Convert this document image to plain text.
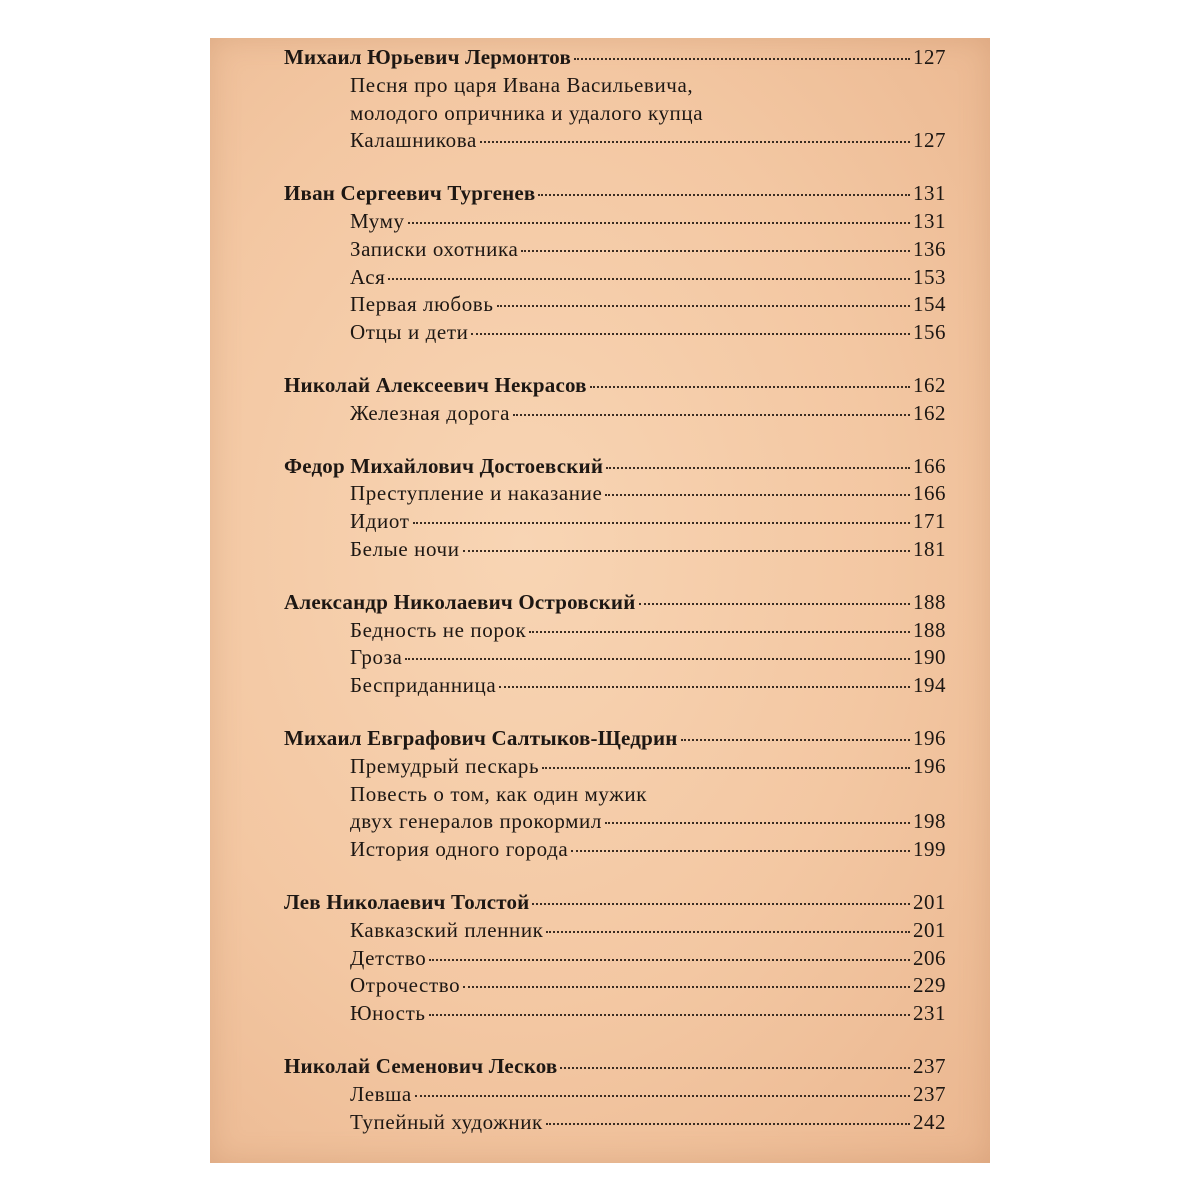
Михаил Юрьевич Лермонтов	127
Песня про царя Ивана Васильевича,
молодого опричника и удалого купца
Калашникова	127
Иван Сергеевич Тургенев	131
Муму	131
Записки охотника	136
Ася	153
Первая любовь	154
Отцы и дети	156
Николай Алексеевич Некрасов	162
Железная дорога	162
Федор Михайлович Достоевский	166
Преступление и наказание	166
Идиот	171
Белые ночи	181
Александр Николаевич Островский	188
Бедность не порок	188
Гроза	190
Бесприданница	194
Михаил Евграфович Салтыков-Щедрин	196
Премудрый пескарь	196
Повесть о том, как один мужик
двух генералов прокормил	198
История одного города	199
Лев Николаевич Толстой	201
Кавказский пленник	201
Детство	206
Отрочество	229
Юность	231
Николай Семенович Лесков	237
Левша	237
Тупейный художник	242
